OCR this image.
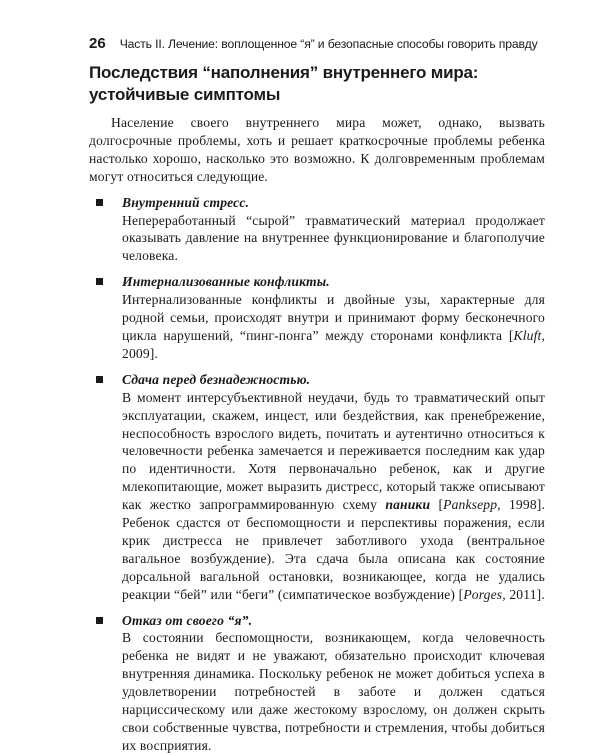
26 Часть II. Лечение: воплощенное “я” и безопасные способы говорить правду
Последствия “наполнения” внутреннего мира: устойчивые симптомы

Население своего внутреннего мира может, однако, вызвать долгосрочные проблемы, хоть и решает краткосрочные проблемы ребенка настолько хорошо, насколько это возможно. К долговременным проблемам могут относиться следующие.

Внутренний стресс.

Непереработанный “сырой” травматический материал продолжает оказывать давление на внутреннее функционирование и благополучие человека.

Интернализованные конфликты.

Интернализованные конфликты и двойные узы, характерные для родной семьи, происходят внутри и принимают форму бесконечного цикла нарушений, “пинг-понга” между сторонами конфликта [Kluft, 2009].

Сдача перед безнадежностью.

В момент интерсубъективной неудачи, будь то травматический опыт эксплуатации, скажем, инцест, или бездействия, как пренебрежение, неспособность взрослого видеть, почитать и аутентично относиться к человечности ребенка замечается и переживается последним как удар по идентичности. Хотя первоначально ребенок, как и другие млекопитающие, может выразить дистресс, который также описывают как жестко запрограммированную схему паники [Panksepp, 1998]. Ребенок сдастся от беспомощности и перспективы поражения, если крик дистресса не привлечет заботливого ухода (вентральное вагальное возбуждение). Эта сдача была описана как состояние дорсальной вагальной остановки, возникающее, когда не удались реакции “бей” или “беги” (симпатическое возбуждение) [Porges, 2011].

Отказ от своего “я”.

В состоянии беспомощности, возникающем, когда человечность ребенка не видят и не уважают, обязательно происходит ключевая внутренняя динамика. Поскольку ребенок не может добиться успеха в удовлетворении потребностей в заботе и должен сдаться нарциссическому или даже жестокому взрослому, он должен скрыть свои собственные чувства, потребности и стремления, чтобы добиться их восприятия.
